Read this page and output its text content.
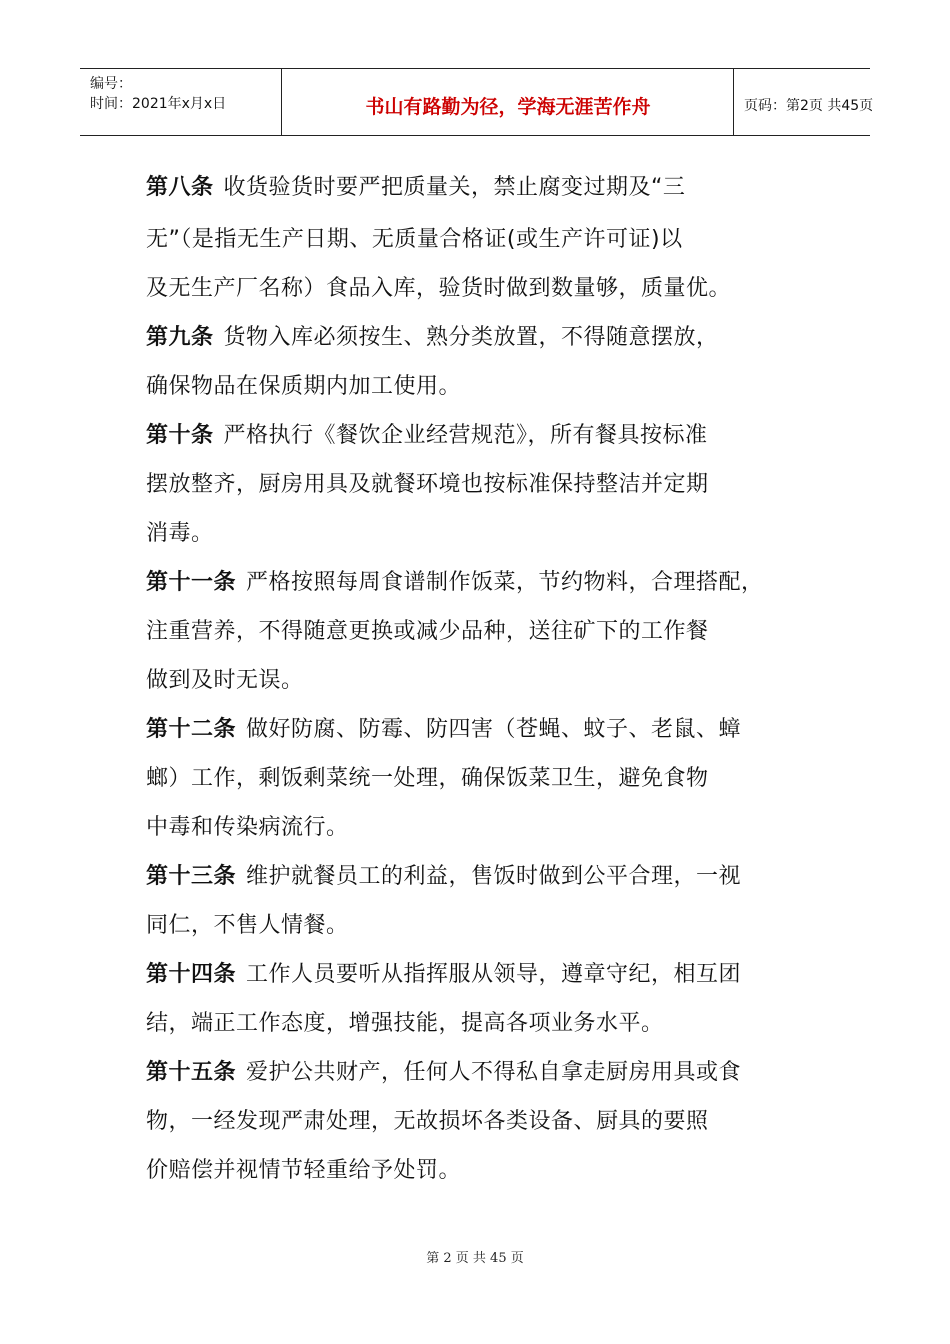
编号：
时间：2021年x月x日	书山有路勤为径，学海无涯苦作舟	页码：第2页 共45页
第八条 收货验货时要严把质量关，禁止腐变过期及“三
无”（是指无生产日期、无质量合格证(或生产许可证)以
及无生产厂名称）食品入库，验货时做到数量够，质量优。
第九条 货物入库必须按生、熟分类放置，不得随意摆放，
确保物品在保质期内加工使用。
第十条 严格执行《餐饮企业经营规范》，所有餐具按标准
摆放整齐，厨房用具及就餐环境也按标准保持整洁并定期
消毒。
第十一条 严格按照每周食谱制作饭菜，节约物料，合理搭配，
注重营养，不得随意更换或减少品种，送往矿下的工作餐
做到及时无误。
第十二条 做好防腐、防霉、防四害（苍蝇、蚊子、老鼠、蟑
螂）工作，剩饭剩菜统一处理，确保饭菜卫生，避免食物
中毒和传染病流行。
第十三条 维护就餐员工的利益，售饭时做到公平合理，一视
同仁，不售人情餐。
第十四条 工作人员要听从指挥服从领导，遵章守纪，相互团
结，端正工作态度，增强技能，提高各项业务水平。
第十五条 爱护公共财产，任何人不得私自拿走厨房用具或食
物，一经发现严肃处理，无故损坏各类设备、厨具的要照
价赔偿并视情节轻重给予处罚。
第 2 页 共 45 页
